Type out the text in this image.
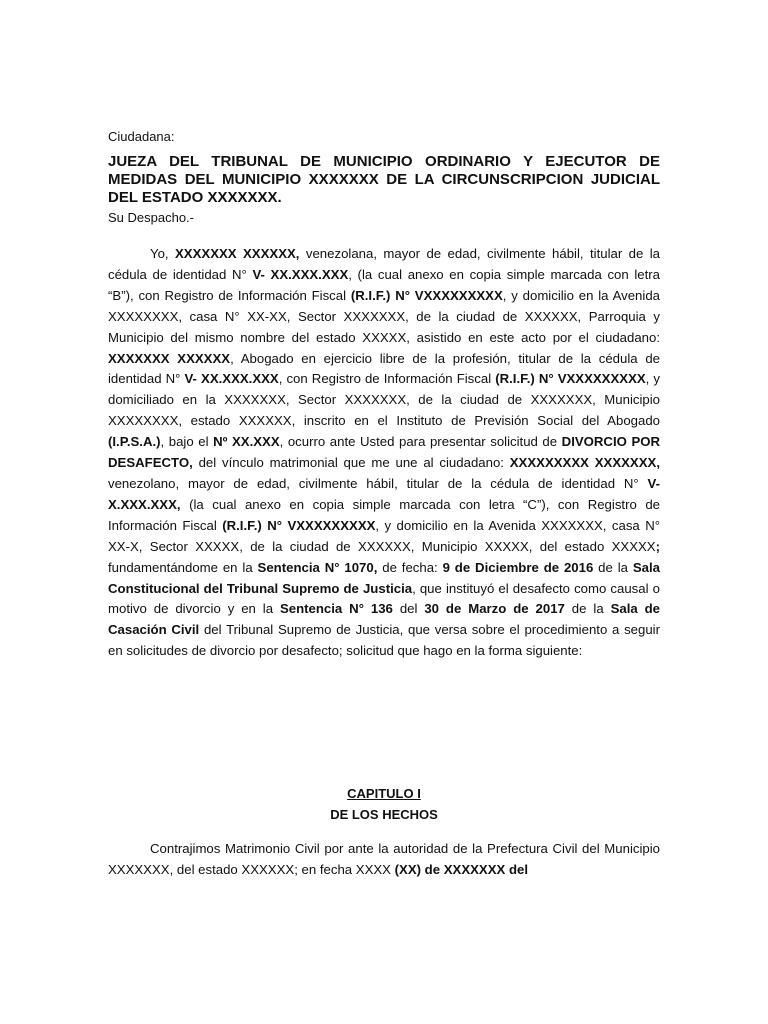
Ciudadana:
JUEZA DEL TRIBUNAL DE MUNICIPIO ORDINARIO Y EJECUTOR DE MEDIDAS DEL MUNICIPIO XXXXXXX DE LA CIRCUNSCRIPCION JUDICIAL DEL ESTADO XXXXXXX.
Su Despacho.-
Yo, XXXXXXX XXXXXX, venezolana, mayor de edad, civilmente hábil, titular de la cédula de identidad N° V- XX.XXX.XXX, (la cual anexo en copia simple marcada con letra “B”), con Registro de Información Fiscal (R.I.F.) N° VXXXXXXXXX, y domicilio en la Avenida XXXXXXXX, casa N° XX-XX, Sector XXXXXXX, de la ciudad de XXXXXX, Parroquia y Municipio del mismo nombre del estado XXXXX, asistido en este acto por el ciudadano: XXXXXXX XXXXXX, Abogado en ejercicio libre de la profesión, titular de la cédula de identidad N° V- XX.XXX.XXX, con Registro de Información Fiscal (R.I.F.) N° VXXXXXXXXX, y domiciliado en la XXXXXXX, Sector XXXXXXX, de la ciudad de XXXXXXX, Municipio XXXXXXXX, estado XXXXXX, inscrito en el Instituto de Previsión Social del Abogado (I.P.S.A.), bajo el Nº XX.XXX, ocurro ante Usted para presentar solicitud de DIVORCIO POR DESAFECTO, del vínculo matrimonial que me une al ciudadano: XXXXXXXXX XXXXXXX, venezolano, mayor de edad, civilmente hábil, titular de la cédula de identidad N° V- X.XXX.XXX, (la cual anexo en copia simple marcada con letra “C”), con Registro de Información Fiscal (R.I.F.) N° VXXXXXXXXX, y domicilio en la Avenida XXXXXXX, casa N° XX-X, Sector XXXXX, de la ciudad de XXXXXX, Municipio XXXXX, del estado XXXXX; fundamentándome en la Sentencia N° 1070, de fecha: 9 de Diciembre de 2016 de la Sala Constitucional del Tribunal Supremo de Justicia, que instituyó el desafecto como causal o motivo de divorcio y en la Sentencia N° 136 del 30 de Marzo de 2017 de la Sala de Casación Civil del Tribunal Supremo de Justicia, que versa sobre el procedimiento a seguir en solicitudes de divorcio por desafecto; solicitud que hago en la forma siguiente:
CAPITULO I
DE LOS HECHOS
Contrajimos Matrimonio Civil por ante la autoridad de la Prefectura Civil del Municipio XXXXXXX, del estado XXXXXX; en fecha XXXX (XX) de XXXXXXX del
